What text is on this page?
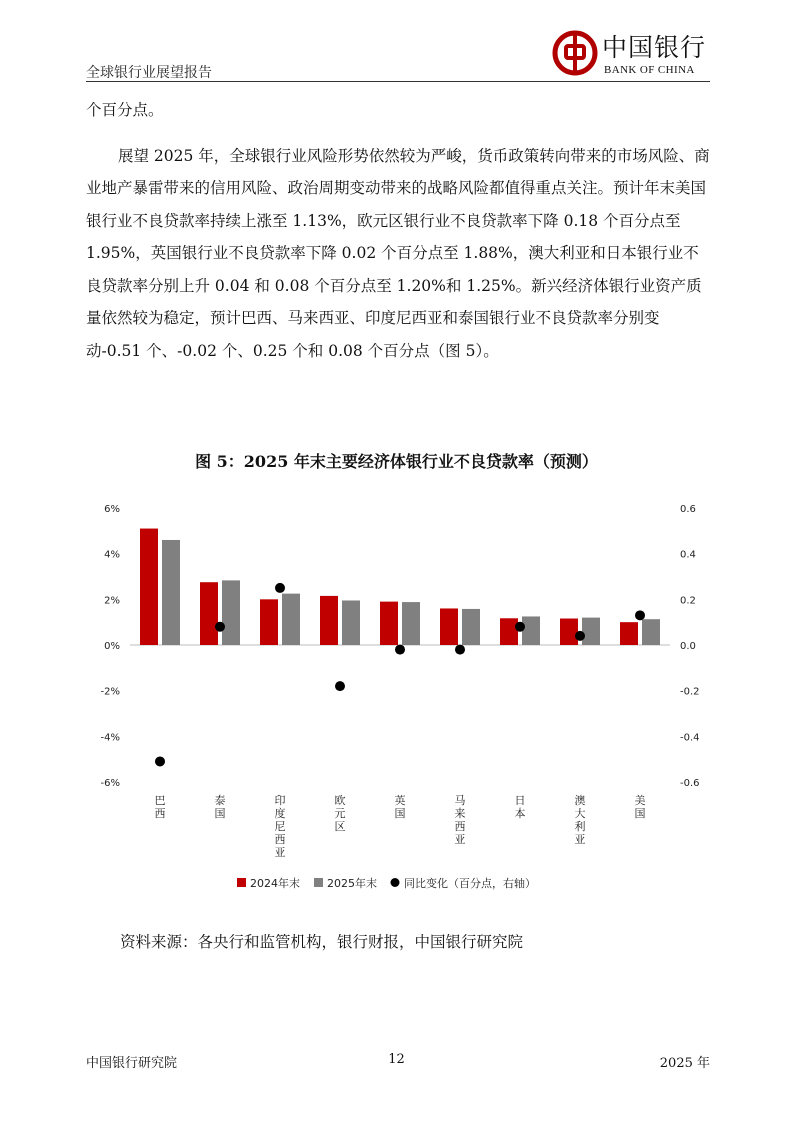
全球银行业展望报告
中国银行
BANK OF CHINA

个百分点。

展望 2025 年，全球银行业风险形势依然较为严峻，货币政策转向带来的市场风险、商业地产暴雷带来的信用风险、政治周期变动带来的战略风险都值得重点关注。预计年末美国银行业不良贷款率持续上涨至 1.13%，欧元区银行业不良贷款率下降 0.18 个百分点至 1.95%，英国银行业不良贷款率下降 0.02 个百分点至 1.88%，澳大利亚和日本银行业不良贷款率分别上升 0.04 和 0.08 个百分点至 1.20%和 1.25%。新兴经济体银行业资产质量依然较为稳定，预计巴西、马来西亚、印度尼西亚和泰国银行业不良贷款率分别变动-0.51 个、-0.02 个、0.25 个和 0.08 个百分点（图 5）。

图 5：2025 年末主要经济体银行业不良贷款率（预测）
6%
4%
2%
0%
-2%
-4%
-6%
0.6
0.4
0.2
0.0
-0.2
-0.4
-0.6
巴西
泰国
印度尼西亚
欧元区
英国
马来西亚
日本
澳大利亚
美国
2024年末 2025年末 同比变化（百分点，右轴）
资料来源：各央行和监管机构，银行财报，中国银行研究院
中国银行研究院	12	2025 年
